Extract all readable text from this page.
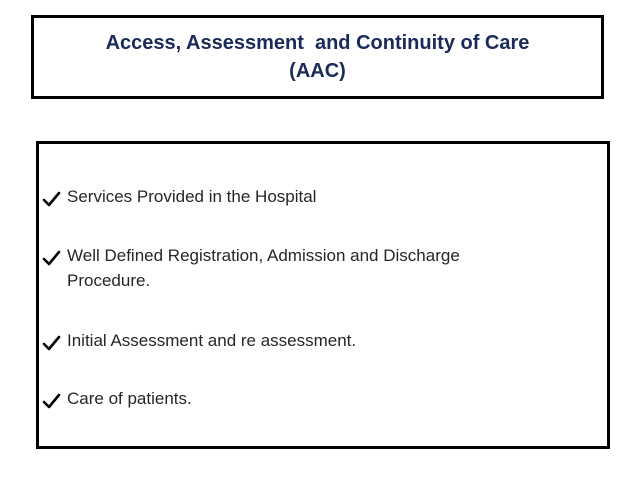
Access, Assessment  and Continuity of Care
(AAC)
Services Provided in the Hospital
Well Defined Registration, Admission and Discharge
Procedure.
Initial Assessment and re assessment.
Care of patients.
